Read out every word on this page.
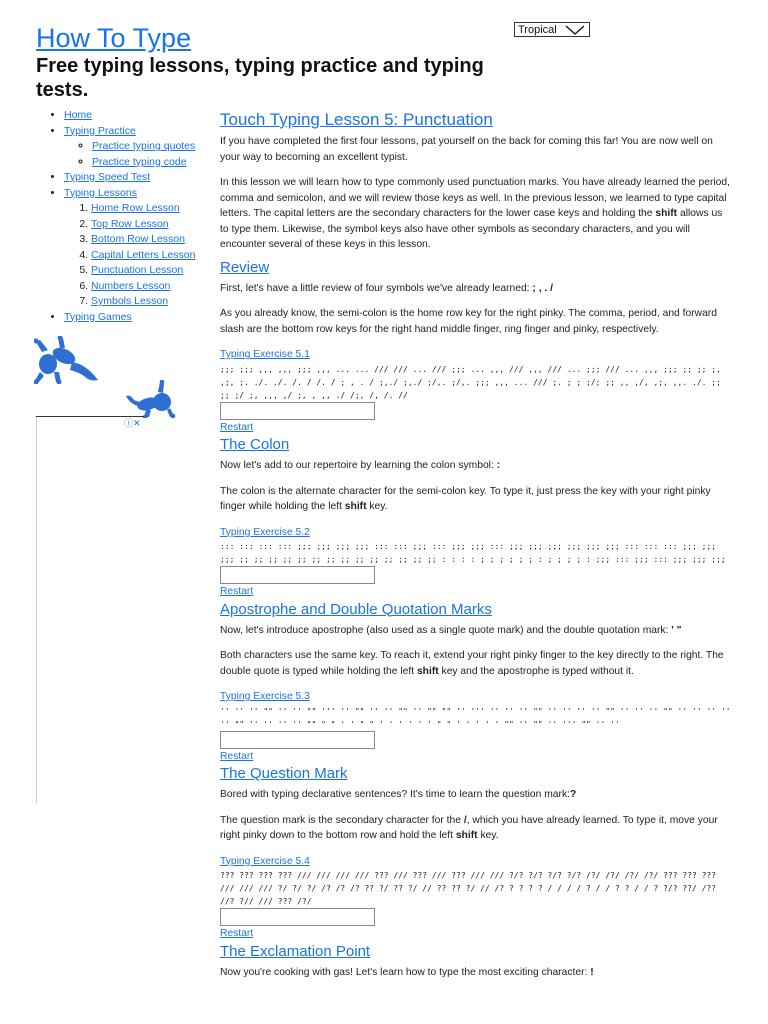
How To Type

Free typing lessons, typing practice and typing tests.

Tropical
• Home
• Typing Practice
◦ Practice typing quotes
◦ Practice typing code
• Typing Speed Test
• Typing Lessons
1. Home Row Lesson
2. Top Row Lesson
3. Bottom Row Lesson
4. Capital Letters Lesson
5. Punctuation Lesson
6. Numbers Lesson
7. Symbols Lesson
• Typing Games
ⓘ✕
Touch Typing Lesson 5: Punctuation

If you have completed the first four lessons, pat yourself on the back for coming this far! You are now well on your way to becoming an excellent typist.

In this lesson we will learn how to type commonly used punctuation marks. You have already learned the period, comma and semicolon, and we will review those keys as well. In the previous lesson, we learned to type capital letters. The capital letters are the secondary characters for the lower case keys and holding the shift allows us to type them. Likewise, the symbol keys also have other symbols as secondary characters, and you will encounter several of these keys in this lesson.

Review

First, let's have a little review of four symbols we've already learned: ; , . /

As you already know, the semi-colon is the home row key for the right pinky. The comma, period, and forward slash are the bottom row keys for the right hand middle finger, ring finger and pinky, respectively.

Typing Exercise 5.1
;;; ;;; ,,, ,,, ;;; ,,, ... ... /// /// ... /// ;;; ... ,,, /// ,,, /// ... ;;; /// ... ,,, ;;; ;; ;; ;, ,;, ;. ./. ./. /. / /. / ; , . / ;,./ ;,./ ;/,. ;/,. ;;; ,,, ... /// ;. ; ; ;/; ;; ,, ,/, ,;, ,,. ./. ;; ;; ;/ ;, ,,, ,/ ;, , ,, ./ /;, /, /. //
Restart
The Colon

Now let's add to our repertoire by learning the colon symbol: :

The colon is the alternate character for the semi-colon key. To type it, just press the key with your right pinky finger while holding the left shift key.

Typing Exercise 5.2
::: ::: ::: ::: ;;; ;;; ;;; ;;; ::: ::: ;;; ::: ;;; ;;; ::: ;;; ;;; ;;; ;;; ;;; ;;; ::: ::: ::: ;;; ;;; ;;; ;; ;; ;; ;; ;; ;; ;; ;; ;; ;; ;; ;; ;; ;; : : : : ; ; ; ; ; ; : ; ; ; ; : ;;; ::: ;;; ::: ;;; ;;; ;;;
Restart
Apostrophe and Double Quotation Marks

Now, let's introduce apostrophe (also used as a single quote mark) and the double quotation mark: ' "

Both characters use the same key. To reach it, extend your right pinky finger to the key directly to the right. The double quote is typed while holding the left shift key and the apostrophe is typed without it.

Typing Exercise 5.3
'' '' '' "" '' '' "" ''' '' "" '' '' "" '' "" "" '' ''' '' '' '' "" '' '' '' '' "" '' '' '' "" '' '' '' '' '' "" '' '' '' '' "" " " ' ' " " ' ' ' ' ' ' " " ' ' ' ' ' "" '' "" '' ''' "" '' ''
Restart
The Question Mark

Bored with typing declarative sentences? It's time to learn the question mark:?

The question mark is the secondary character for the /, which you have already learned. To type it, move your right pinky down to the bottom row and hold the left shift key.

Typing Exercise 5.4
??? ??? ??? ??? /// /// /// /// ??? /// ??? /// ??? /// /// ?/? ?/? ?/? ?/? /?/ /?/ /?/ /?/ ??? ??? ??? /// /// /// ?/ ?/ ?/ /? /? /? ?? ?/ ?? ?/ // ?? ?? ?/ // /? ? ? ? ? / / / / ? / / ? ? / / ? ?/? ??/ /?? //? ?// /// ??? /?/
Restart
The Exclamation Point

Now you're cooking with gas! Let's learn how to type the most exciting character: !
